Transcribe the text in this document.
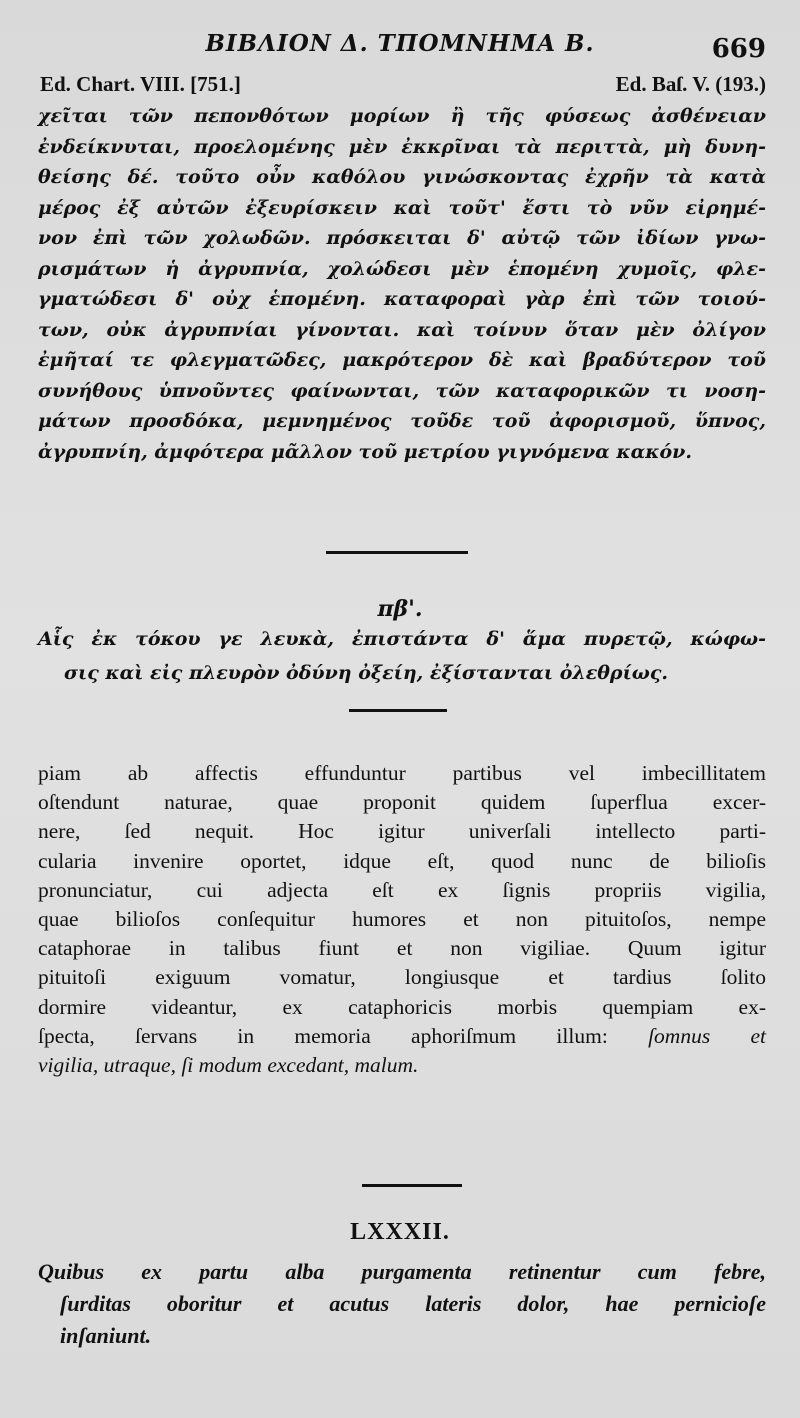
BIBΛΙΟΝ Δ. ΤΠΟΜΝΗΜΑ Β.	669
Ed. Chart. VIII. [751.]	Ed. Baſ. V. (193.)
χεῖται τῶν πεπονθότων μορίων ἢ τῆς φύσεως ἀσθένειαν
ἐνδείκνυται, προελομένης μὲν ἐκκρῖναι τὰ περιττὰ, μὴ δυνη-
θείσης δέ. τοῦτο οὖν καθόλου γινώσκοντας ἐχρῆν τὰ κατὰ
μέρος ἐξ αὐτῶν ἐξευρίσκειν καὶ τοῦτ' ἔστι τὸ νῦν εἰρημέ-
νον ἐπὶ τῶν χολωδῶν. πρόσκειται δ' αὐτῷ τῶν ἰδίων γνω-
ρισμάτων ἡ ἀγρυπνία, χολώδεσι μὲν ἑπομένη χυμοῖς, φλε-
γματώδεσι δ' οὐχ ἑπομένη. καταφοραὶ γὰρ ἐπὶ τῶν τοιού-
των, οὐκ ἀγρυπνίαι γίνονται. καὶ τοίνυν ὅταν μὲν ὀλίγον
ἐμῆταί τε φλεγματῶδες, μακρότερον δὲ καὶ βραδύτερον τοῦ
συνήθους ὑπνοῦντες φαίνωνται, τῶν καταφορικῶν τι νοση-
μάτων προσδόκα, μεμνημένος τοῦδε τοῦ ἀφορισμοῦ, ὕπνος,
ἀγρυπνίη, ἀμφότερα μᾶλλον τοῦ μετρίου γιγνόμενα κακόν.
πβ'.
Αἷς ἐκ τόκου γε λευκὰ, ἐπιστάντα δ' ἅμα πυρετῷ, κώφω-
σις καὶ εἰς πλευρὸν ὀδύνη ὀξείη, ἐξίστανται ὀλεθρίως.
piam ab affectis effunduntur partibus vel imbecillitatem
oſtendunt naturae, quae proponit quidem ſuperflua excer-
nere, ſed nequit. Hoc igitur univerſali intellecto parti-
cularia invenire oportet, idque eſt, quod nunc de bilioſis
pronunciatur, cui adjecta eſt ex ſignis propriis vigilia,
quae bilioſos conſequitur humores et non pituitoſos, nempe
cataphorae in talibus fiunt et non vigiliae. Quum igitur
pituitoſi exiguum vomatur, longiusque et tardius ſolito
dormire videantur, ex cataphoricis morbis quempiam ex-
ſpecta, ſervans in memoria aphoriſmum illum: ſomnus et
vigilia, utraque, ſi modum excedant, malum.
LXXXII.
Quibus ex partu alba purgamenta retinentur cum febre,
ſurditas oboritur et acutus lateris dolor, hae pernicioſe
inſaniunt.
